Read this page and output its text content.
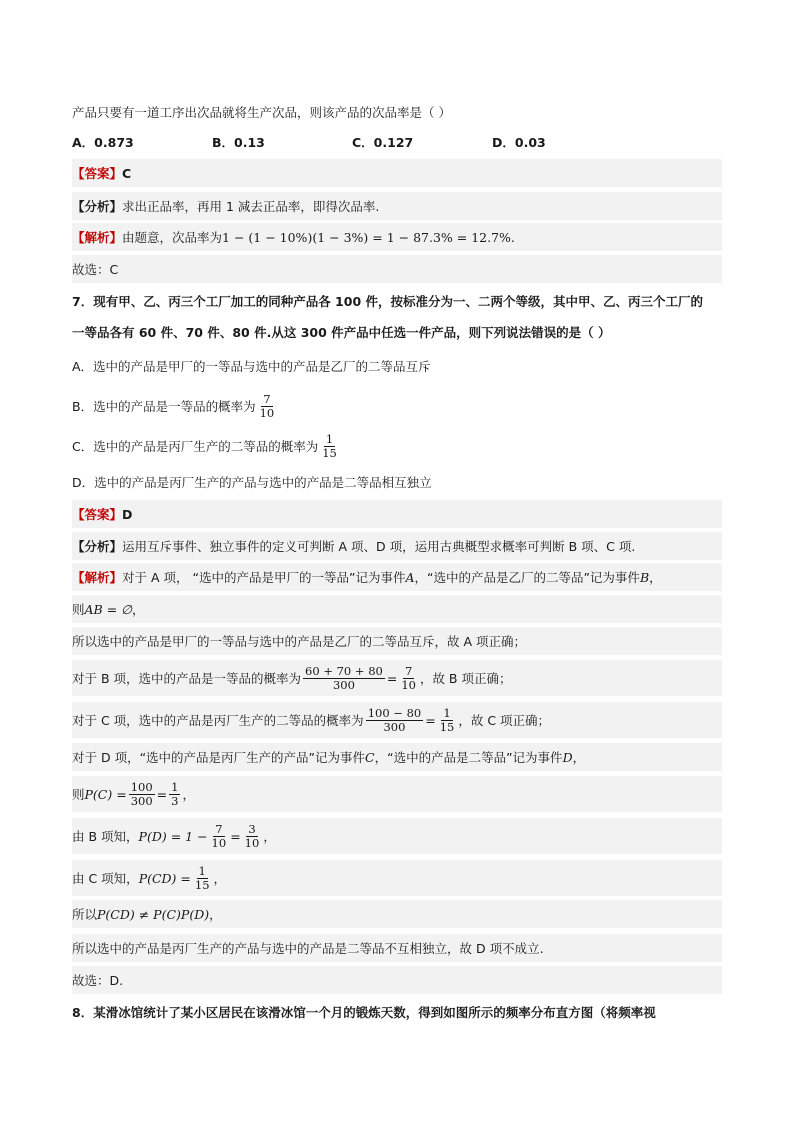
产品只要有一道工序出次品就将生产次品，则该产品的次品率是（ ）
A．0.873	B．0.13	C．0.127	D．0.03
【答案】 C
【分析】 求出正品率，再用 1 减去正品率，即得次品率.
【解析】 由题意，次品率为 1 − (1 − 10%)(1 − 3%) = 1 − 87.3% = 12.7% .
故选：C
7．现有甲、乙、丙三个工厂加工的同种产品各 100 件，按标准分为一、二两个等级，其中甲、乙、丙三个工厂的
一等品各有 60 件、70 件、80 件.从这 300 件产品中任选一件产品，则下列说法错误的是（ ）
A．选中的产品是甲厂的一等品与选中的产品是乙厂的二等品互斥
B．选中的产品是一等品的概率为 $\frac{7}{10}$
C．选中的产品是丙厂生产的二等品的概率为 $\frac{1}{15}$
D．选中的产品是丙厂生产的产品与选中的产品是二等品相互独立
【答案】 D
【分析】 运用互斥事件、独立事件的定义可判断 A 项、D 项，运用古典概型求概率可判断 B 项、C 项.
【解析】 对于 A 项， “选中的产品是甲厂的一等品”记为事件 A ，“选中的产品是乙厂的二等品”记为事件 B ，
则 AB = ∅ ，
所以选中的产品是甲厂的一等品与选中的产品是乙厂的二等品互斥，故 A 项正确；
对于 B 项，选中的产品是一等品的概率为 $\frac{60 + 70 + 80}{300} = \frac{7}{10}$ ，故 B 项正确；
对于 C 项，选中的产品是丙厂生产的二等品的概率为 $\frac{100 - 80}{300} = \frac{1}{15}$ ，故 C 项正确；
对于 D 项，“选中的产品是丙厂生产的产品”记为事件 C ，“选中的产品是二等品”记为事件 D ，
则 $P(C) = \frac{100}{300} = \frac{1}{3}$ ，
由 B 项知， $P(D) = 1 - \frac{7}{10} = \frac{3}{10}$ ，
由 C 项知， $P(CD) = \frac{1}{15}$ ，
所以 P(CD) ≠ P(C)P(D) ，
所以选中的产品是丙厂生产的产品与选中的产品是二等品不互相独立，故 D 项不成立.
故选：D.
8．某滑冰馆统计了某小区居民在该滑冰馆一个月的锻炼天数，得到如图所示的频率分布直方图（将频率视
